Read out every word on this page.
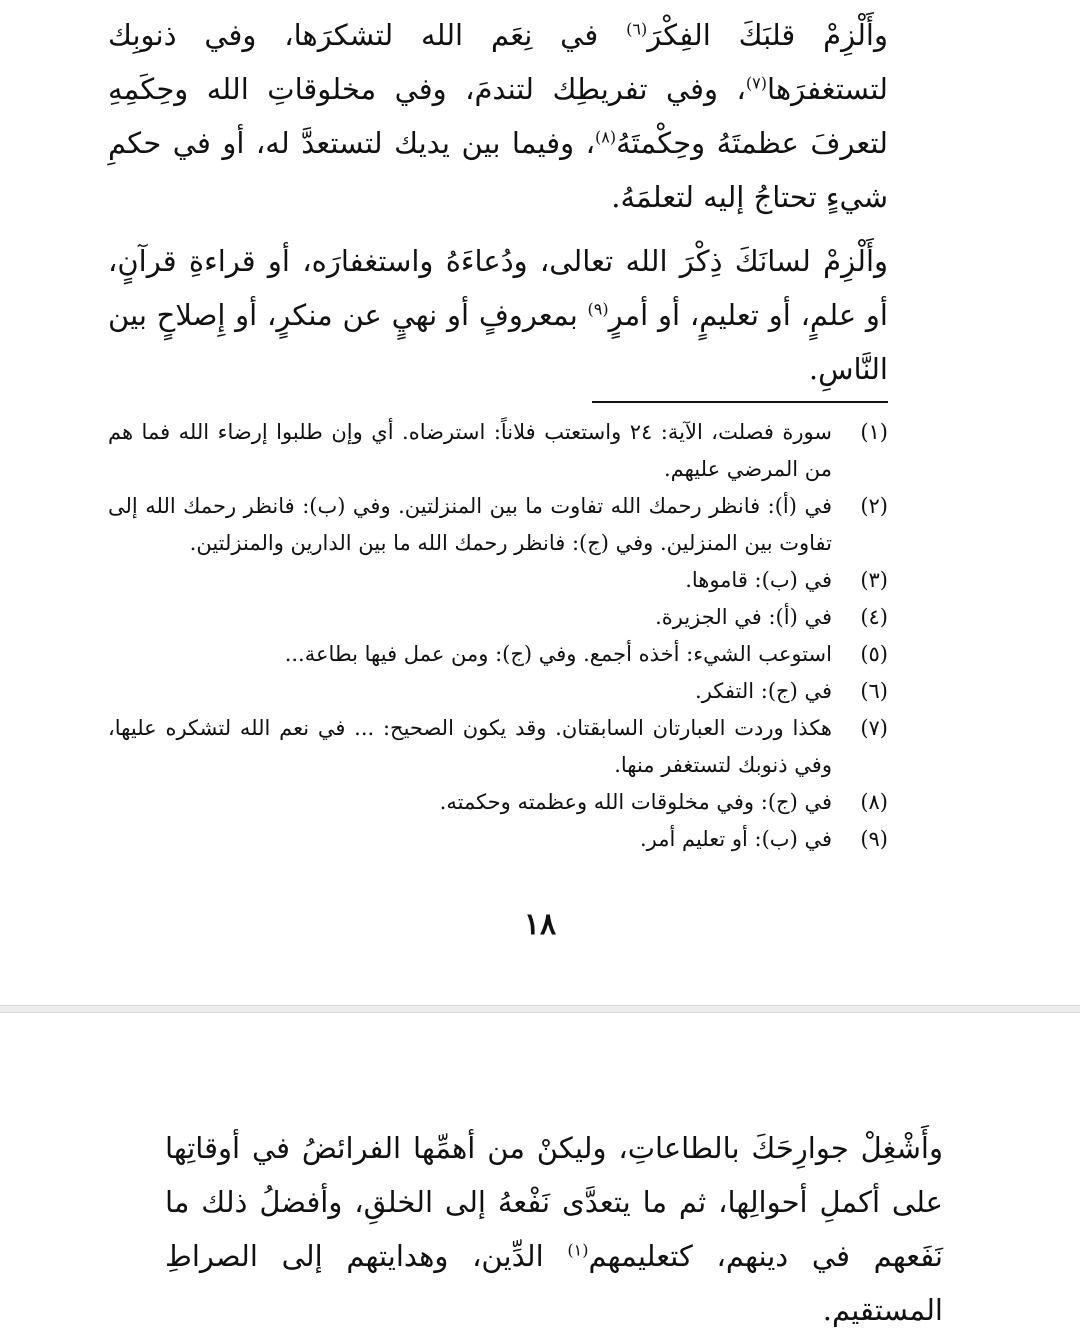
وأَلْزِمْ قلبَكَ الفِكْرَ$^{(٦)}$ في نِعَم الله لتشكرَها، وفي ذنوبِك لتستغفرَها$^{(٧)}$، وفي تفريطِك لتندمَ، وفي مخلوقاتِ الله وحِكَمِهِ لتعرفَ عظمتَهُ وحِكْمتَهُ$^{(٨)}$، وفيما بين يديك لتستعدَّ له، أو في حكمِ شيءٍ تحتاجُ إليه لتعلمَهُ.

وأَلْزِمْ لسانَكَ ذِكْرَ الله تعالى، ودُعاءَهُ واستغفارَه، أو قراءةِ قرآنٍ، أو علمٍ، أو تعليمٍ، أو أمرٍ$^{(٩)}$ بمعروفٍ أو نهيٍ عن منكرٍ، أو إِصلاحٍ بين النَّاسِ.

(١)
سورة فصلت، الآية: ٢٤ واستعتب فلاناً: استرضاه. أي وإن طلبوا إرضاء الله فما هم من المرضي عليهم.
(٢)
في (أ): فانظر رحمك الله تفاوت ما بين المنزلتين. وفي (ب): فانظر رحمك الله إلى تفاوت بين المنزلين. وفي (ج): فانظر رحمك الله ما بين الدارين والمنزلتين.
(٣)
في (ب): قاموها.
(٤)
في (أ): في الجزيرة.
(٥)
استوعب الشيء: أخذه أجمع. وفي (ج): ومن عمل فيها بطاعة...
(٦)
في (ج): التفكر.
(٧)
هكذا وردت العبارتان السابقتان. وقد يكون الصحيح: ... في نعم الله لتشكره عليها، وفي ذنوبك لتستغفر منها.
(٨)
في (ج): وفي مخلوقات الله وعظمته وحكمته.
(٩)
في (ب): أو تعليم أمر.
١٨

وأَشْغِلْ جوارِحَكَ بالطاعاتِ، وليكنْ من أهمِّها الفرائضُ في أوقاتِها على أكملِ أحوالِها، ثم ما يتعدَّى نَفْعهُ إلى الخلقِ، وأفضلُ ذلك ما نَفَعهم في دينهم، كتعليمهم$^{(١)}$ الدِّين، وهدايتهم إلى الصراطِ المستقيم.
